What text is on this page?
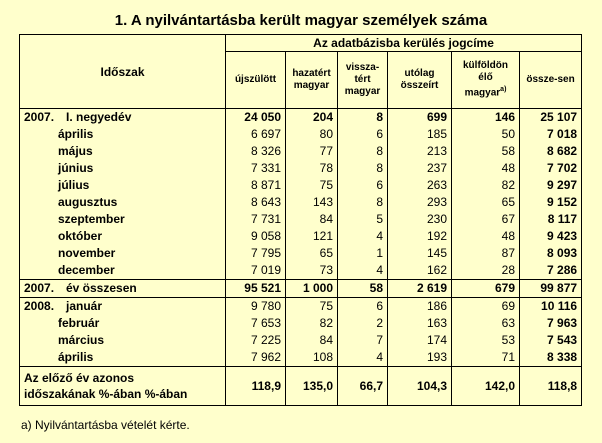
1. A nyilvántartásba került magyar személyek száma
Időszak	Az adatbázisba kerülés jogcíme					
	újszülött	hazatért magyar	vissza-tért magyar	utólag összeírt	külföldön élő magyar$^{a)}$	össze-sen
2007. I. negyedév	24 050	204	8	699	146	25 107
április	6 697	80	6	185	50	7 018
május	8 326	77	8	213	58	8 682
június	7 331	78	8	237	48	7 702
július	8 871	75	6	263	82	9 297
augusztus	8 643	143	8	293	65	9 152
szeptember	7 731	84	5	230	67	8 117
október	9 058	121	4	192	48	9 423
november	7 795	65	1	145	87	8 093
december	7 019	73	4	162	28	7 286
2007. év összesen	95 521	1 000	58	2 619	679	99 877
2008. január	9 780	75	6	186	69	10 116
február	7 653	82	2	163	63	7 963
március	7 225	84	7	174	53	7 543
április	7 962	108	4	193	71	8 338

Az előző év azonos
időszakának %-ában %-ában	118,9	135,0	66,7	104,3	142,0	118,8
a) Nyilvántartásba vételét kérte.
